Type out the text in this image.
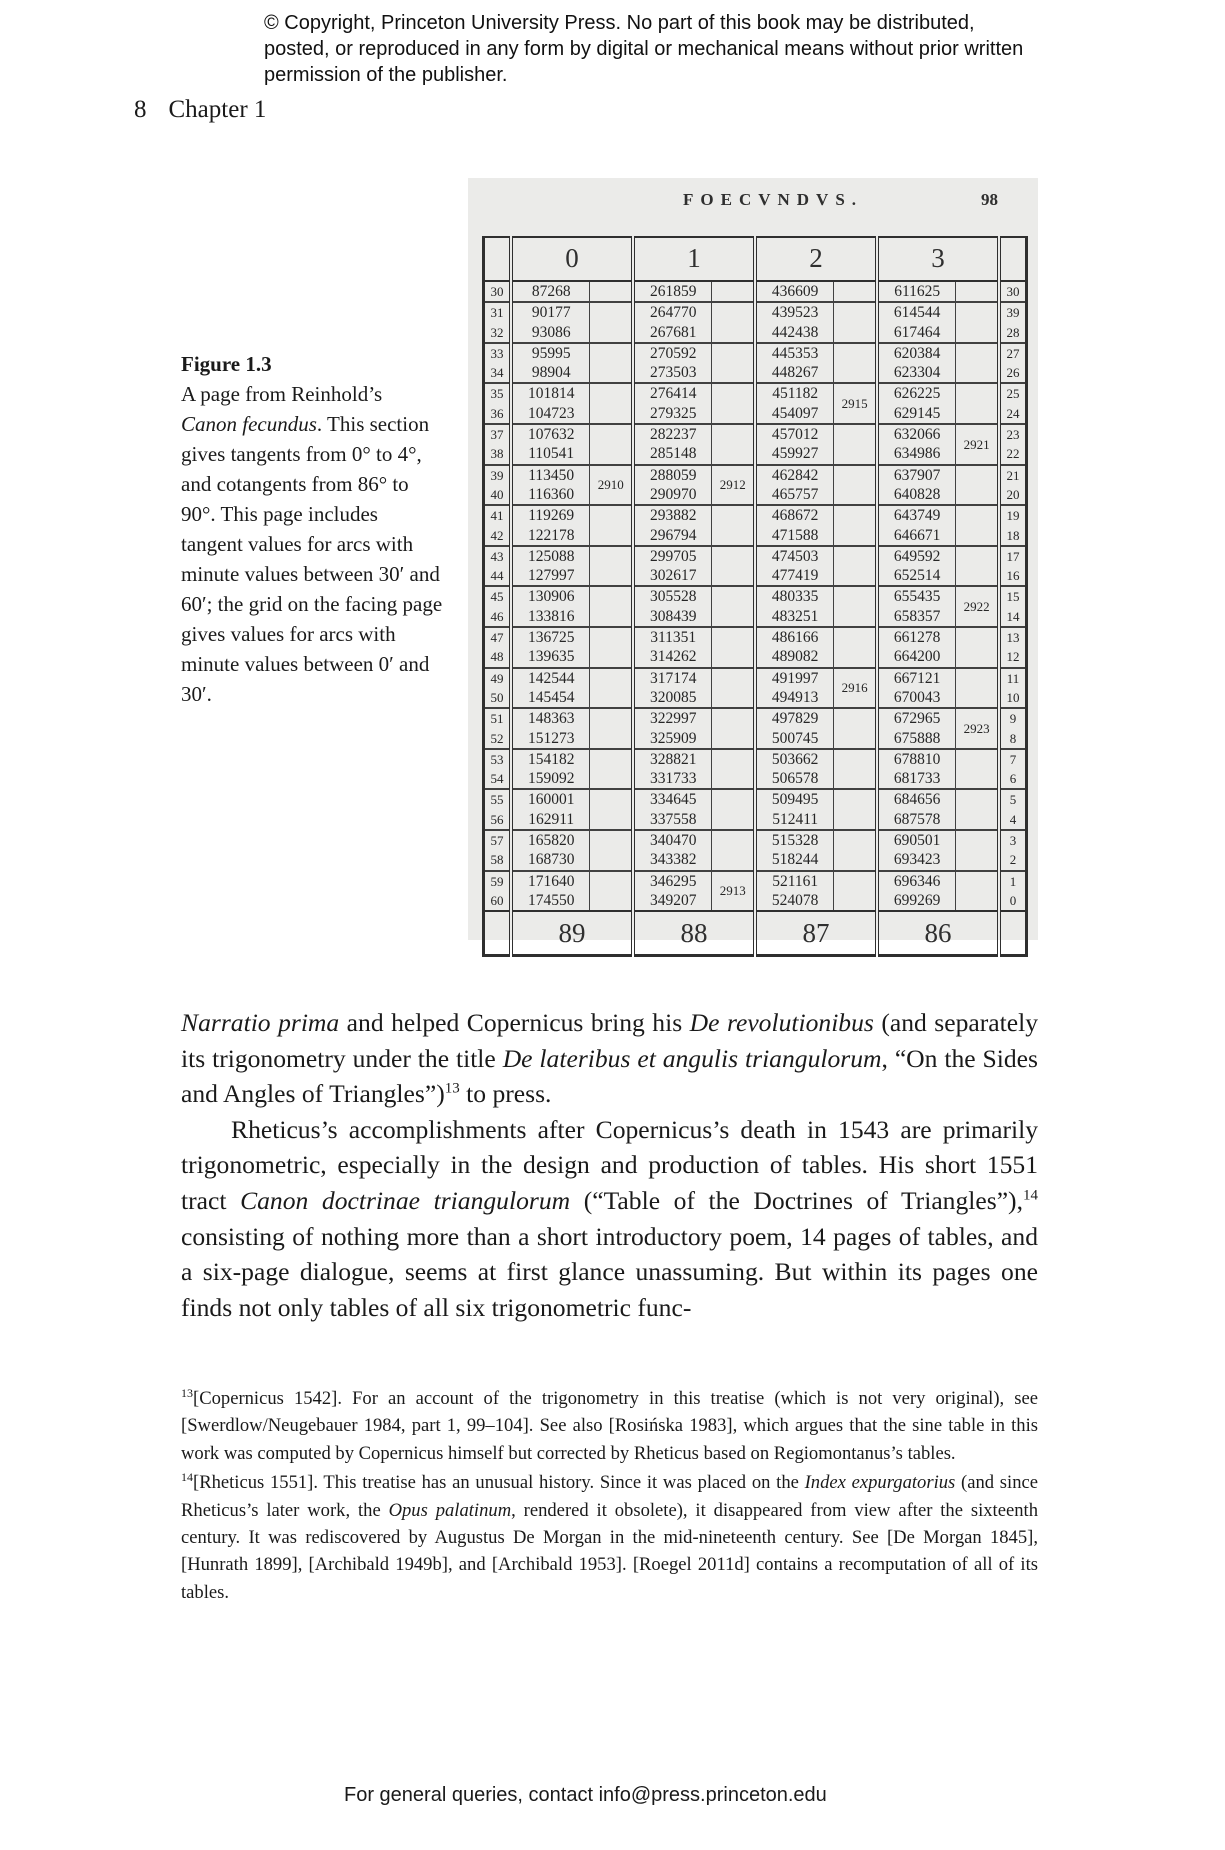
© Copyright, Princeton University Press. No part of this book may be distributed, posted, or reproduced in any form by digital or mechanical means without prior written permission of the publisher.
8 Chapter 1
Figure 1.3
A page from Reinhold’s Canon fecundus. This section gives tangents from 0° to 4°, and cotangents from 86° to 90°. This page includes tangent values for arcs with minute values between 30′ and 60′; the grid on the facing page gives values for arcs with minute values between 0′ and 30′.
FOECVNDVS.	98
	0		1		2		3		
30	87268		261859		436609		611625		30
31	90177		264770		439523		614544		39
32	93086		267681		442438		617464		28
33	95995		270592		445353		620384		27
34	98904		273503		448267		623304		26
35	101814		276414		451182	2915	626225		25
36	104723		279325		454097		629145		24
37	107632		282237		457012		632066	2921	23
38	110541		285148		459927		634986		22
39	113450	2910	288059	2912	462842		637907		21
40	116360		290970		465757		640828		20
41	119269		293882		468672		643749		19
42	122178		296794		471588		646671		18
43	125088		299705		474503		649592		17
44	127997		302617		477419		652514		16
45	130906		305528		480335		655435	2922	15
46	133816		308439		483251		658357		14
47	136725		311351		486166		661278		13
48	139635		314262		489082		664200		12
49	142544		317174		491997	2916	667121		11
50	145454		320085		494913		670043		10
51	148363		322997		497829		672965	2923	9
52	151273		325909		500745		675888		8
53	154182		328821		503662		678810		7
54	159092		331733		506578		681733		6
55	160001		334645		509495		684656		5
56	162911		337558		512411		687578		4
57	165820		340470		515328		690501		3
58	168730		343382		518244		693423		2
59	171640		346295	2913	521161		696346		1
60	174550		349207		524078		699269		0
	89		88		87		86		

Narratio prima and helped Copernicus bring his De revolutionibus (and separately its trigonometry under the title De lateribus et angulis triangulorum, “On the Sides and Angles of Triangles”)$^{13}$ to press.

Rheticus’s accomplishments after Copernicus’s death in 1543 are primarily trigonometric, especially in the design and production of tables. His short 1551 tract Canon doctrinae triangulorum (“Table of the Doctrines of Triangles”),$^{14}$ consisting of nothing more than a short introductory poem, 14 pages of tables, and a six-page dialogue, seems at first glance unassuming. But within its pages one finds not only tables of all six trigonometric func-

$^{13}$[Copernicus 1542]. For an account of the trigonometry in this treatise (which is not very original), see [Swerdlow/Neugebauer 1984, part 1, 99–104]. See also [Rosińska 1983], which argues that the sine table in this work was computed by Copernicus himself but corrected by Rheticus based on Regiomontanus’s tables.

$^{14}$[Rheticus 1551]. This treatise has an unusual history. Since it was placed on the Index expurgatorius (and since Rheticus’s later work, the Opus palatinum, rendered it obsolete), it disappeared from view after the sixteenth century. It was rediscovered by Augustus De Morgan in the mid-nineteenth century. See [De Morgan 1845], [Hunrath 1899], [Archibald 1949b], and [Archibald 1953]. [Roegel 2011d] contains a recomputation of all of its tables.

For general queries, contact info@press.princeton.edu
